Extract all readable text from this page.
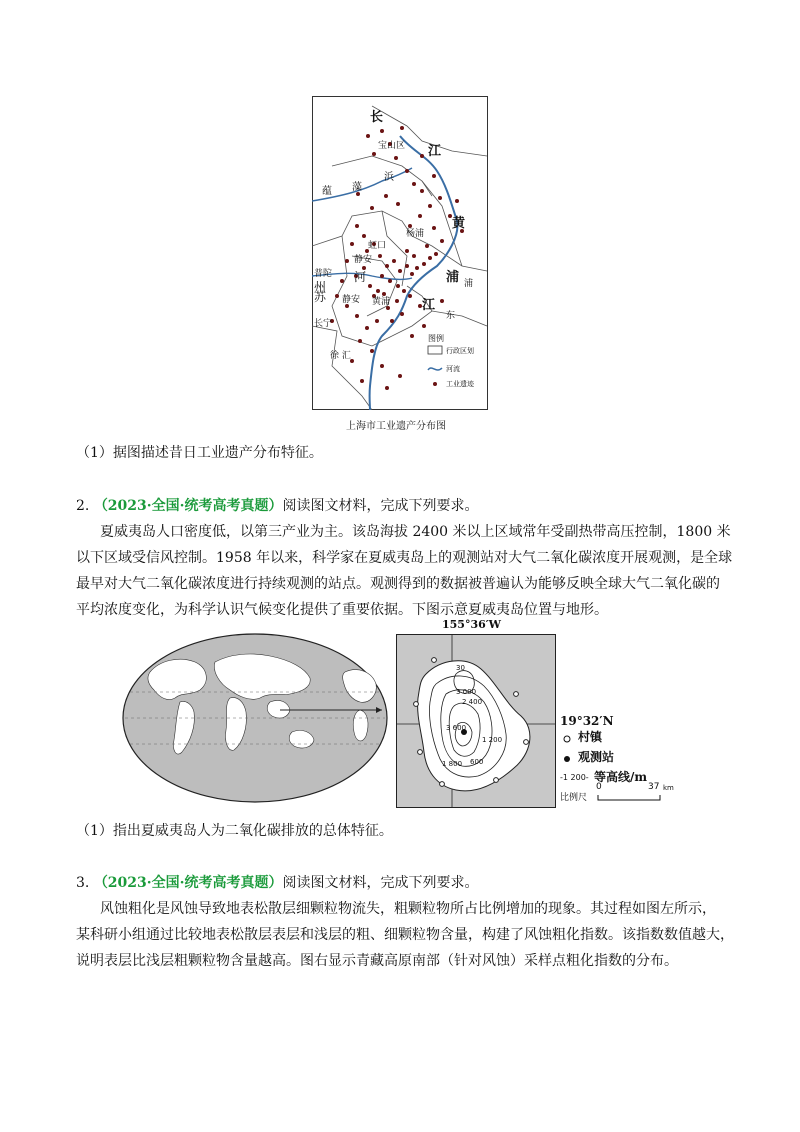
长
江
宝山区
浜
蕴 藻
黄
杨浦
虹口
静安
普陀 河
州
苏 静安 黄浦
浦 浦
江
东
长宁
徐 汇
图例
行政区划
河流
工业遗迹
上海市工业遗产分布图
（1）据图描述昔日工业遗产分布特征。
2. （2023·全国·统考高考真题）阅读图文材料，完成下列要求。
夏威夷岛人口密度低，以第三产业为主。该岛海拔 2400 米以上区域常年受副热带高压控制，1800 米
以下区域受信风控制。1958 年以来，科学家在夏威夷岛上的观测站对大气二氧化碳浓度开展观测，是全球
最早对大气二氧化碳浓度进行持续观测的站点。观测得到的数据被普遍认为能够反映全球大气二氧化碳的
平均浓度变化，为科学认识气候变化提供了重要依据。下图示意夏威夷岛位置与地形。
30
3 000
2 400
1 200
3 600
600
1 800
155°36′W
19°32′N
村镇
观测站
-1 200- 等高线/m
比例尺
0	37 km
（1）指出夏威夷岛人为二氧化碳排放的总体特征。
3. （2023·全国·统考高考真题）阅读图文材料，完成下列要求。
风蚀粗化是风蚀导致地表松散层细颗粒物流失，粗颗粒物所占比例增加的现象。其过程如图左所示，
某科研小组通过比较地表松散层表层和浅层的粗、细颗粒物含量，构建了风蚀粗化指数。该指数数值越大，
说明表层比浅层粗颗粒物含量越高。图右显示青藏高原南部（针对风蚀）采样点粗化指数的分布。
